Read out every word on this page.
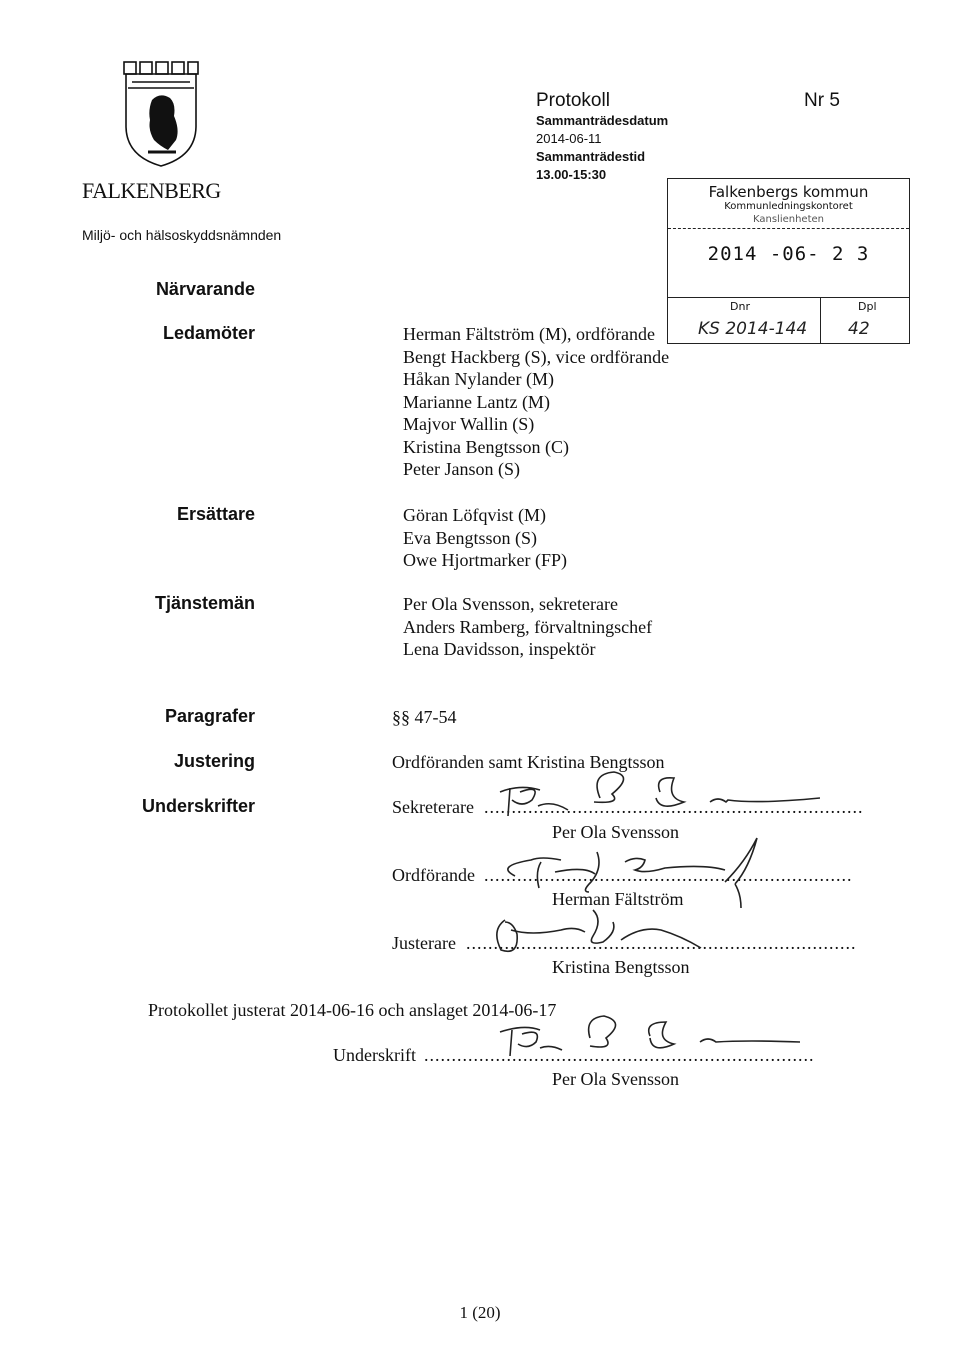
FALKENBERG
Miljö- och hälsoskyddsnämnden
Protokoll	Nr 5
Sammanträdesdatum
2014-06-11
Sammanträdestid
13.00-15:30
Falkenbergs kommun
Kommunledningskontoret
Kanslienheten
2014 -06- 2 3
Dnr	Dpl
KS 2014-144 42
Närvarande
Ledamöter
Ersättare
Tjänstemän
Paragrafer
Justering
Underskrifter
Herman Fältström (M), ordförande
Bengt Hackberg (S), vice ordförande
Håkan Nylander (M)
Marianne Lantz (M)
Majvor Wallin (S)
Kristina Bengtsson (C)
Peter Janson (S)
Göran Löfqvist (M)
Eva Bengtsson (S)
Owe Hjortmarker (FP)
Per Ola Svensson, sekreterare
Anders Ramberg, förvaltningschef
Lena Davidsson, inspektör
§§ 47-54
Ordföranden samt Kristina Bengtsson
Sekreterare .....................................................................
Per Ola Svensson
Ordförande ...................................................................
Herman Fältström
Justerare .......................................................................
Kristina Bengtsson
Protokollet justerat 2014-06-16 och anslaget 2014-06-17
Underskrift .......................................................................
Per Ola Svensson
1 (20)
